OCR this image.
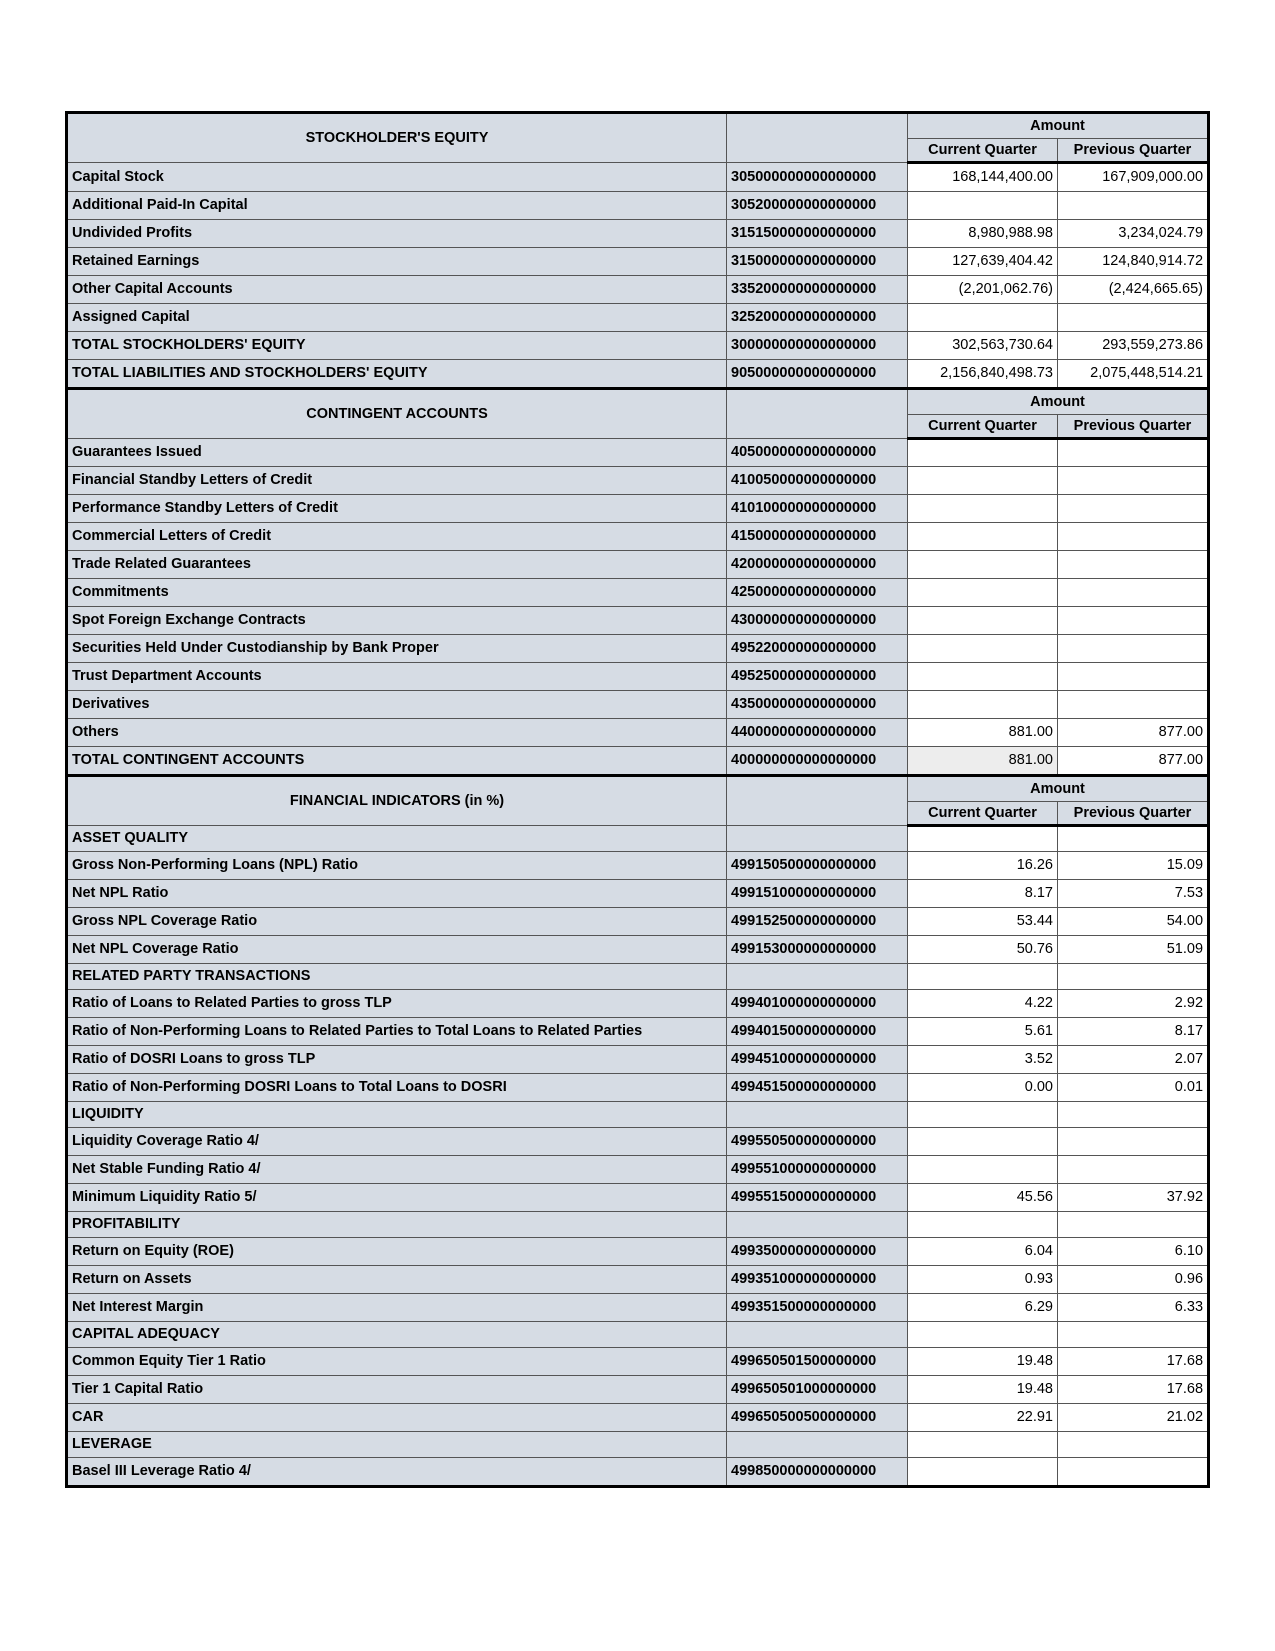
STOCKHOLDER'S EQUITY		Amount	
		Current Quarter	Previous Quarter
Capital Stock	305000000000000000	168,144,400.00	167,909,000.00
Additional Paid-In Capital	305200000000000000		
Undivided Profits	315150000000000000	8,980,988.98	3,234,024.79
Retained Earnings	315000000000000000	127,639,404.42	124,840,914.72
Other Capital Accounts	335200000000000000	(2,201,062.76)	(2,424,665.65)
Assigned Capital	325200000000000000		
TOTAL STOCKHOLDERS' EQUITY	300000000000000000	302,563,730.64	293,559,273.86
TOTAL LIABILITIES AND STOCKHOLDERS' EQUITY	905000000000000000	2,156,840,498.73	2,075,448,514.21
CONTINGENT ACCOUNTS		Amount	
		Current Quarter	Previous Quarter
Guarantees Issued	405000000000000000		
Financial Standby Letters of Credit	410050000000000000		
Performance Standby Letters of Credit	410100000000000000		
Commercial Letters of Credit	415000000000000000		
Trade Related Guarantees	420000000000000000		
Commitments	425000000000000000		
Spot Foreign Exchange Contracts	430000000000000000		
Securities Held Under Custodianship by Bank Proper	495220000000000000		
Trust Department Accounts	495250000000000000		
Derivatives	435000000000000000		
Others	440000000000000000	881.00	877.00
TOTAL CONTINGENT ACCOUNTS	400000000000000000	881.00	877.00
FINANCIAL INDICATORS (in %)		Amount	
		Current Quarter	Previous Quarter
ASSET QUALITY			
Gross Non-Performing Loans (NPL) Ratio	499150500000000000	16.26	15.09
Net NPL Ratio	499151000000000000	8.17	7.53
Gross NPL Coverage Ratio	499152500000000000	53.44	54.00
Net NPL Coverage Ratio	499153000000000000	50.76	51.09
RELATED PARTY TRANSACTIONS			
Ratio of Loans to Related Parties to gross TLP	499401000000000000	4.22	2.92
Ratio of Non-Performing Loans to Related Parties to Total Loans to Related Parties	499401500000000000	5.61	8.17
Ratio of DOSRI Loans to gross TLP	499451000000000000	3.52	2.07
Ratio of Non-Performing DOSRI Loans to Total Loans to DOSRI	499451500000000000	0.00	0.01
LIQUIDITY			
Liquidity Coverage Ratio 4/	499550500000000000		
Net Stable Funding Ratio 4/	499551000000000000		
Minimum Liquidity Ratio 5/	499551500000000000	45.56	37.92
PROFITABILITY			
Return on Equity (ROE)	499350000000000000	6.04	6.10
Return on Assets	499351000000000000	0.93	0.96
Net Interest Margin	499351500000000000	6.29	6.33
CAPITAL ADEQUACY			
Common Equity Tier 1 Ratio	499650501500000000	19.48	17.68
Tier 1 Capital Ratio	499650501000000000	19.48	17.68
CAR	499650500500000000	22.91	21.02
LEVERAGE			
Basel III Leverage Ratio 4/	499850000000000000		
